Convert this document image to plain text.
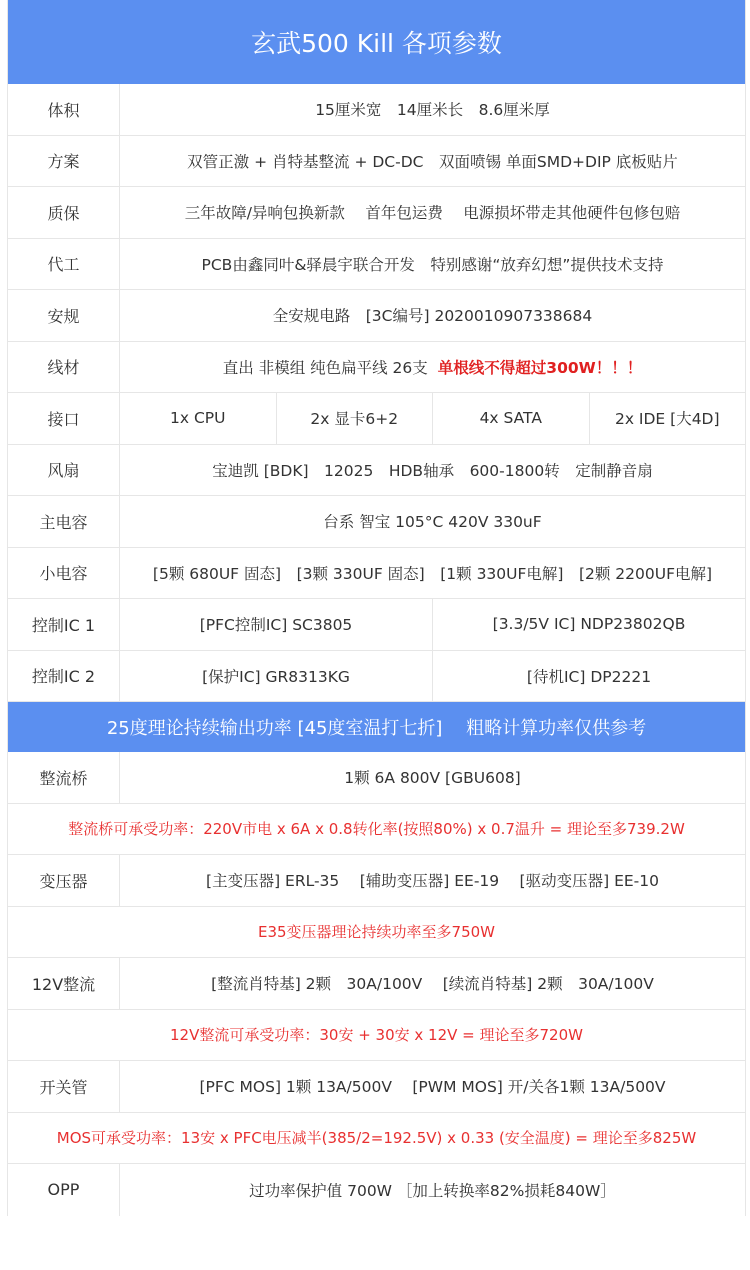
玄武500 Kill 各项参数
体积	15厘米宽　14厘米长　8.6厘米厚
方案	双管正激 + 肖特基整流 + DC-DC　双面喷锡 单面SMD+DIP 底板贴片
质保	三年故障/异响包换新款　 首年包运费　 电源损坏带走其他硬件包修包赔
代工	PCB由鑫同叶&驿晨宇联合开发　特别感谢“放弃幻想”提供技术支持
安规	全安规电路　[3C编号] 2020010907338684
线材	直出 非模组 纯色扁平线 26支 单根线不得超过300W！！！
接口	1x CPU	2x 显卡6+2	4x SATA	2x IDE [大4D]
风扇	宝迪凯 [BDK]　12025　HDB轴承　600-1800转　定制静音扇
主电容	台系 智宝 105°C 420V 330uF
小电容	[5颗 680UF 固态]　[3颗 330UF 固态]　[1颗 330UF电解]　[2颗 2200UF电解]
控制IC 1	[PFC控制IC] SC3805	[3.3/5V IC] NDP23802QB
控制IC 2	[保护IC] GR8313KG	[待机IC] DP2221
25度理论持续输出功率 [45度室温打七折]　 粗略计算功率仅供参考
整流桥	1颗 6A 800V [GBU608]
整流桥可承受功率：220V市电 x 6A x 0.8转化率(按照80%) x 0.7温升 = 理论至多739.2W
变压器	[主变压器] ERL-35　 [辅助变压器] EE-19　 [驱动变压器] EE-10
E35变压器理论持续功率至多750W
12V整流	[整流肖特基] 2颗　30A/100V　 [续流肖特基] 2颗　30A/100V
12V整流可承受功率：30安 + 30安 x 12V = 理论至多720W
开关管	[PFC MOS] 1颗 13A/500V　 [PWM MOS] 开/关各1颗 13A/500V
MOS可承受功率：13安 x PFC电压减半(385/2=192.5V) x 0.33 (安全温度) = 理论至多825W
OPP	过功率保护值 700W ［加上转换率82%损耗840W］
